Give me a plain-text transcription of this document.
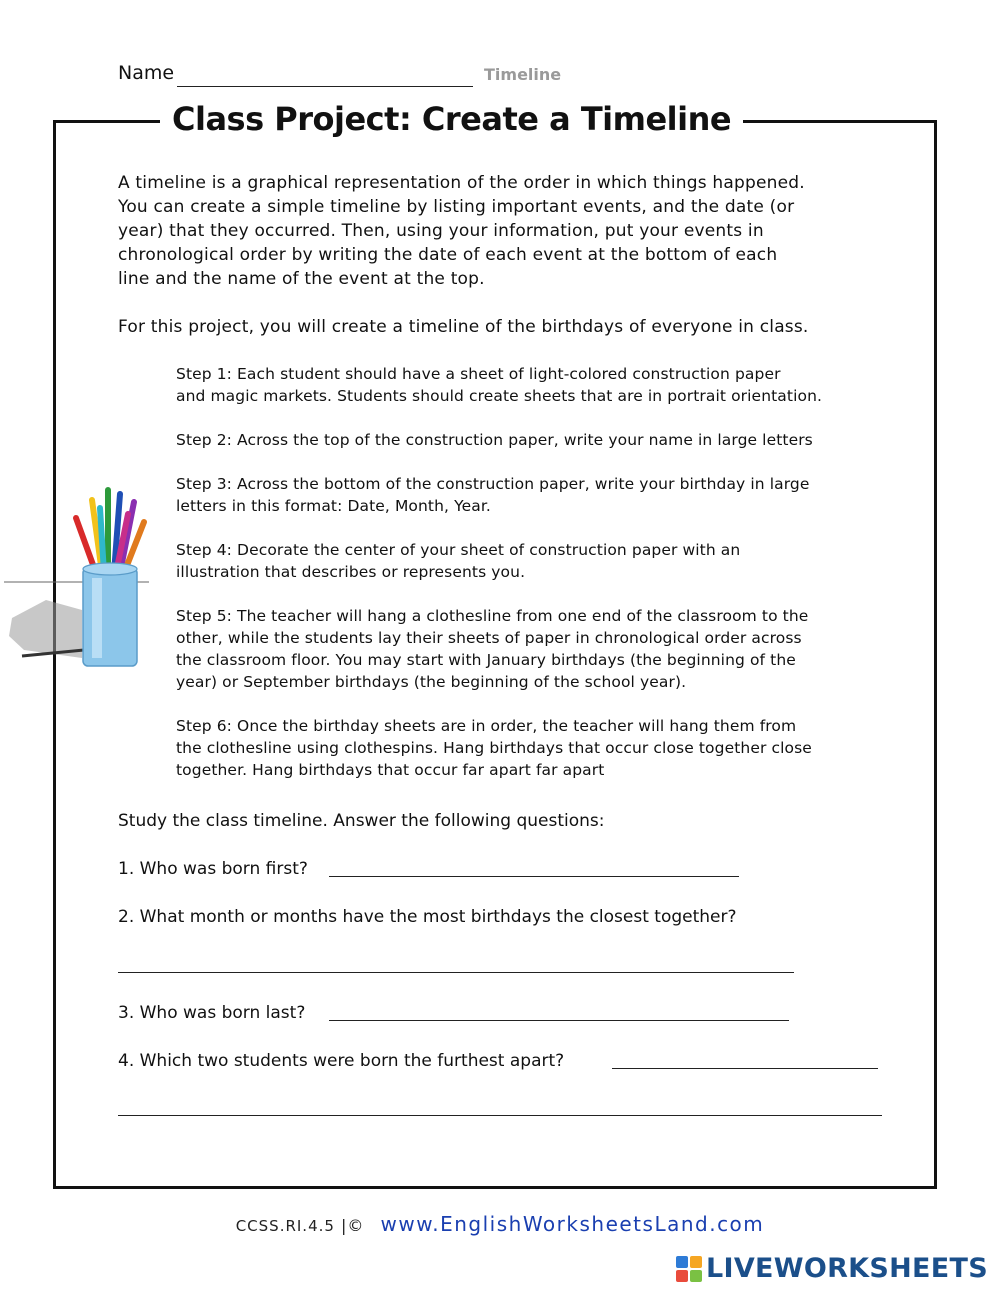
Name	Timeline
Class Project: Create a Timeline
A timeline is a graphical representation of the order in which things happened.
You can create a simple timeline by listing important events, and the date (or
year) that they occurred. Then, using your information, put your events in
chronological order by writing the date of each event at the bottom of each
line and the name of the event at the top.
For this project, you will create a timeline of the birthdays of everyone in class.
Step 1: Each student should have a sheet of light-colored construction paper
and magic markets. Students should create sheets that are in portrait orientation.
Step 2: Across the top of the construction paper, write your name in large letters
Step 3: Across the bottom of the construction paper, write your birthday in large
letters in this format: Date, Month, Year.
Step 4: Decorate the center of your sheet of construction paper with an
illustration that describes or represents you.
Step 5: The teacher will hang a clothesline from one end of the classroom to the
other, while the students lay their sheets of paper in chronological order across
the classroom floor. You may start with January birthdays (the beginning of the
year) or September birthdays (the beginning of the school year).
Step 6: Once the birthday sheets are in order, the teacher will hang them from
the clothesline using clothespins. Hang birthdays that occur close together close
together. Hang birthdays that occur far apart far apart
Study the class timeline. Answer the following questions:
1. Who was born first?
2. What month or months have the most birthdays the closest together?
3. Who was born last?
4. Which two students were born the furthest apart?
CCSS.RI.4.5 |© www.EnglishWorksheetsLand.com
LIVEWORKSHEETS
